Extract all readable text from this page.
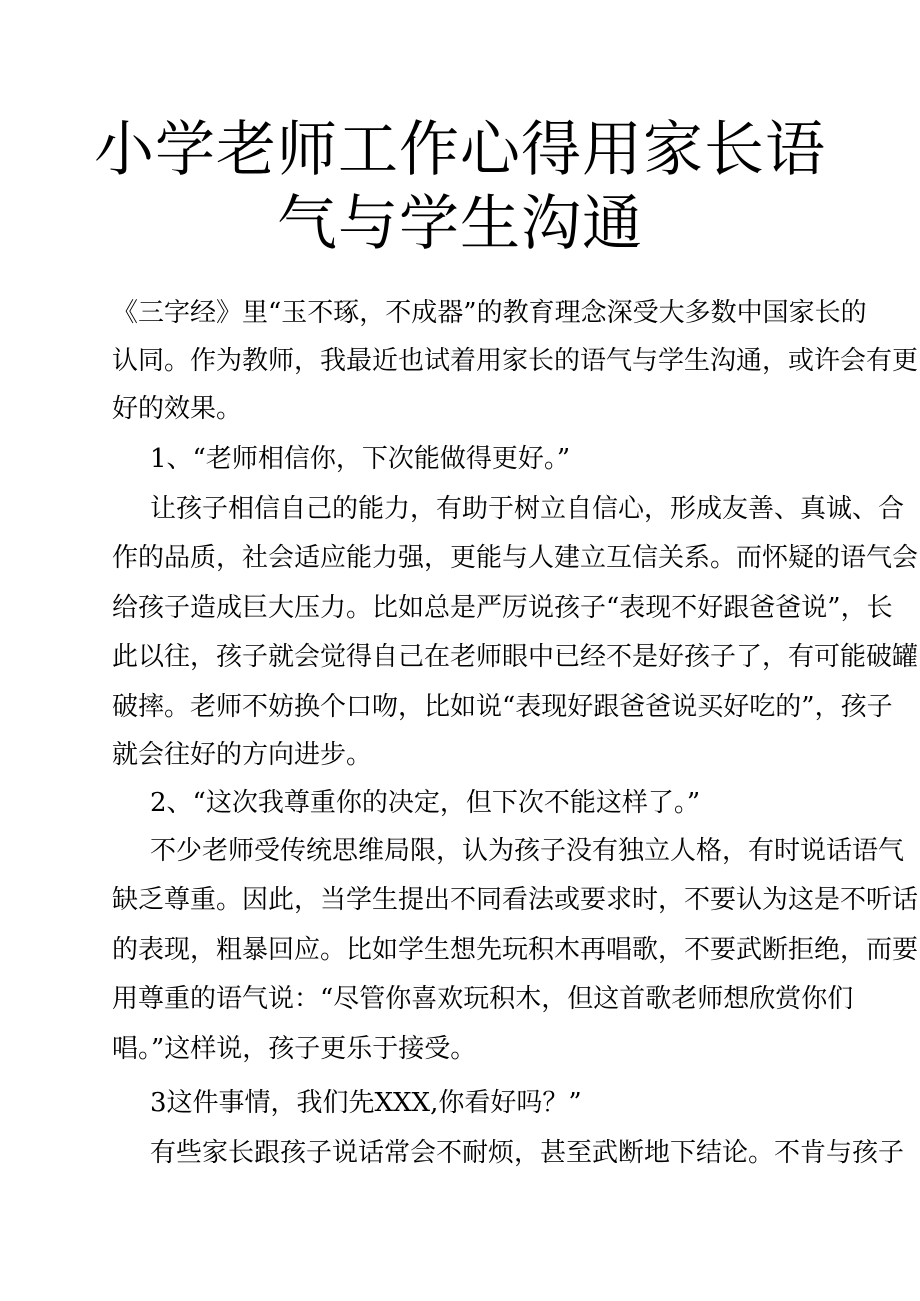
小学老师工作心得用家长语
气与学生沟通
《三字经》里“玉不琢，不成器”的教育理念深受大多数中国家长的
认同。作为教师，我最近也试着用家长的语气与学生沟通，或许会有更
好的效果。
1、“老师相信你，下次能做得更好。”
让孩子相信自己的能力，有助于树立自信心，形成友善、真诚、合
作的品质，社会适应能力强，更能与人建立互信关系。而怀疑的语气会
给孩子造成巨大压力。比如总是严厉说孩子“表现不好跟爸爸说”，长
此以往，孩子就会觉得自己在老师眼中已经不是好孩子了，有可能破罐
破摔。老师不妨换个口吻，比如说“表现好跟爸爸说买好吃的”，孩子
就会往好的方向进步。
2、“这次我尊重你的决定，但下次不能这样了。”
不少老师受传统思维局限，认为孩子没有独立人格，有时说话语气
缺乏尊重。因此，当学生提出不同看法或要求时，不要认为这是不听话
的表现，粗暴回应。比如学生想先玩积木再唱歌，不要武断拒绝，而要
用尊重的语气说：“尽管你喜欢玩积木，但这首歌老师想欣赏你们
唱。”这样说，孩子更乐于接受。
3这件事情，我们先XXX,你看好吗？”
有些家长跟孩子说话常会不耐烦，甚至武断地下结论。不肯与孩子
